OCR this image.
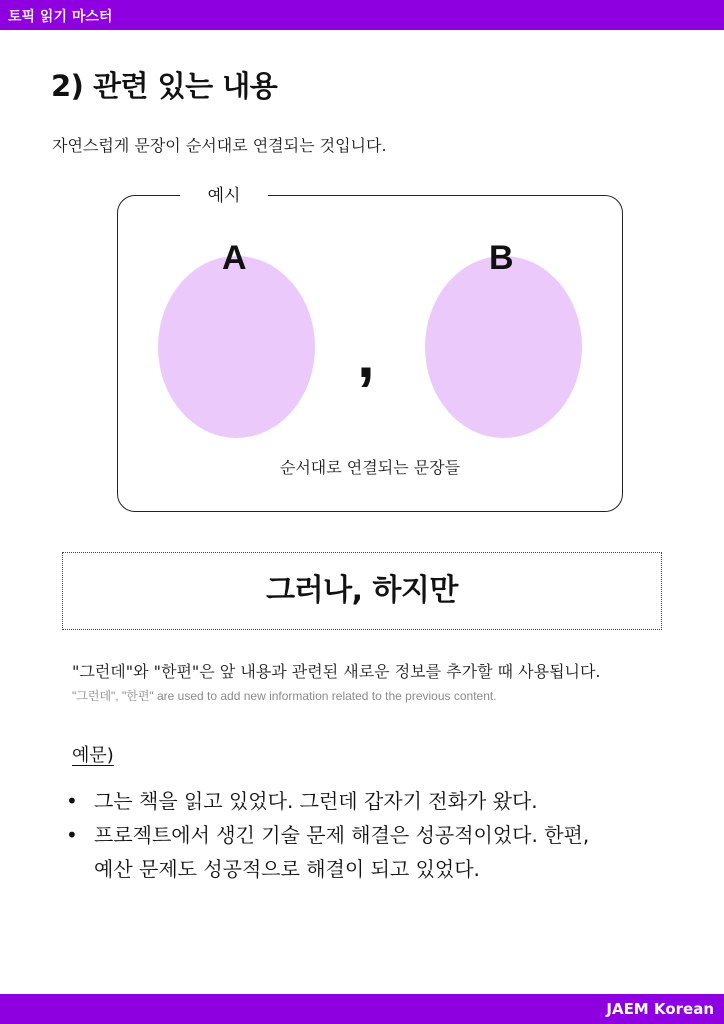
토픽 읽기 마스터
2) 관련 있는 내용

자연스럽게 문장이 순서대로 연결되는 것입니다.

예시
A	B
,
순서대로 연결되는 문장들
그러나, 하지만

"그런데"와 "한편"은 앞 내용과 관련된 새로운 정보를 추가할 때 사용됩니다.

"그런데", "한편" are used to add new information related to the previous content.

예문)
• 그는 책을 읽고 있었다. 그런데 갑자기 전화가 왔다.
• 프로젝트에서 생긴 기술 문제 해결은 성공적이었다. 한편,
예산 문제도 성공적으로 해결이 되고 있었다.
JAEM Korean
